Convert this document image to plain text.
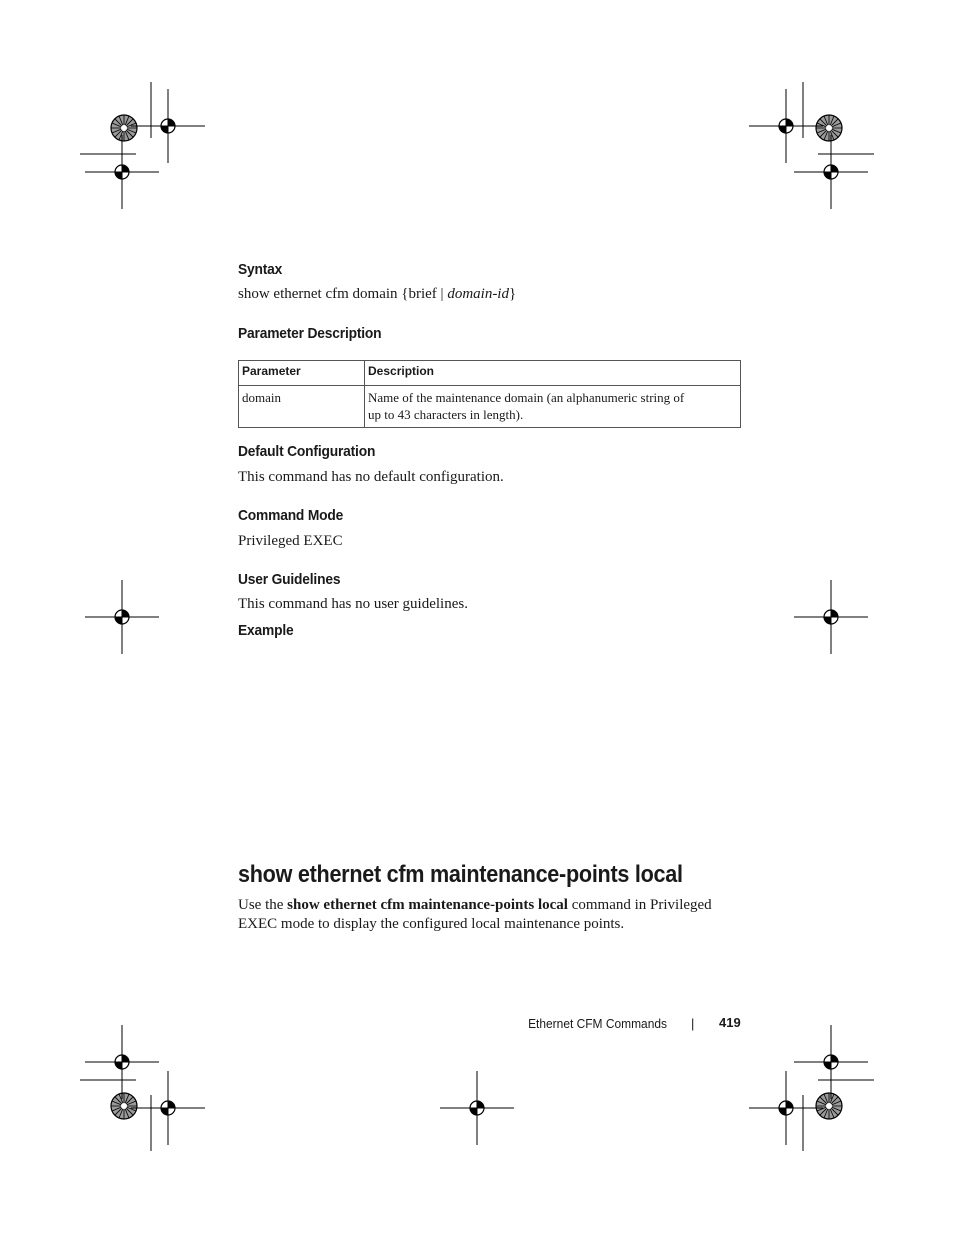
Syntax

show ethernet cfm domain {brief | domain-id}

Parameter Description
Parameter	Description
domain	Name of the maintenance domain (an alphanumeric string of
up to 43 characters in length).
Default Configuration

This command has no default configuration.

Command Mode

Privileged EXEC

User Guidelines

This command has no user guidelines.

Example
show ethernet cfm maintenance-points local

Use the show ethernet cfm maintenance-points local command in Privileged

EXEC mode to display the configured local maintenance points.

Ethernet CFM Commands | 419
